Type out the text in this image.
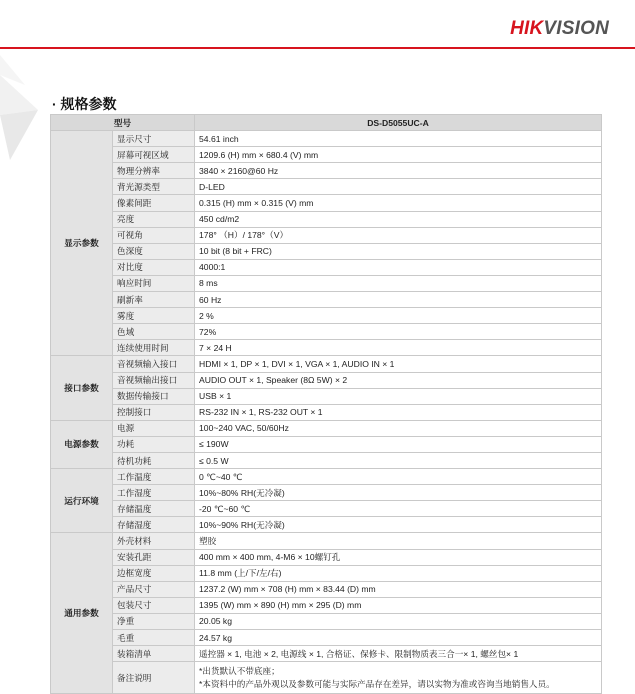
HIKVISION
· 规格参数
型号		DS-D5055UC-A
显示参数	显示尺寸	54.61 inch
	屏幕可视区域	1209.6 (H) mm × 680.4 (V) mm
	物理分辨率	3840 × 2160@60 Hz
	背光源类型	D-LED
	像素间距	0.315 (H) mm × 0.315 (V) mm
	亮度	450 cd/m2
	可视角	178° （H）/ 178°（V）
	色深度	10 bit (8 bit + FRC)
	对比度	4000:1
	响应时间	8 ms
	刷新率	60 Hz
	雾度	2 %
	色域	72%
	连续使用时间	7 × 24 H
接口参数	音视频输入接口	HDMI × 1, DP × 1, DVI × 1, VGA × 1, AUDIO IN × 1
	音视频输出接口	AUDIO OUT × 1, Speaker (8Ω 5W) × 2
	数据传输接口	USB × 1
	控制接口	RS-232 IN × 1, RS-232 OUT × 1
电源参数	电源	100~240 VAC, 50/60Hz
	功耗	≤ 190W
	待机功耗	≤ 0.5 W
运行环境	工作温度	0 ℃~40 ℃
	工作湿度	10%~80% RH(无冷凝)
	存储温度	-20 ℃~60 ℃
	存储湿度	10%~90% RH(无冷凝)
通用参数	外壳材料	塑胶
	安装孔距	400 mm × 400 mm, 4-M6 × 10螺钉孔
	边框宽度	11.8 mm (上/下/左/右)
	产品尺寸	1237.2 (W) mm × 708 (H) mm × 83.44 (D) mm
	包装尺寸	1395 (W) mm × 890 (H) mm × 295 (D) mm
	净重	20.05 kg
	毛重	24.57 kg
	装箱清单	遥控器 × 1, 电池 × 2, 电源线 × 1, 合格证、保修卡、限制物质表三合一× 1, 螺丝包× 1
	备注说明	*出货默认不带底座；
*本资料中的产品外观以及参数可能与实际产品存在差异，请以实物为准或咨询当地销售人员。
